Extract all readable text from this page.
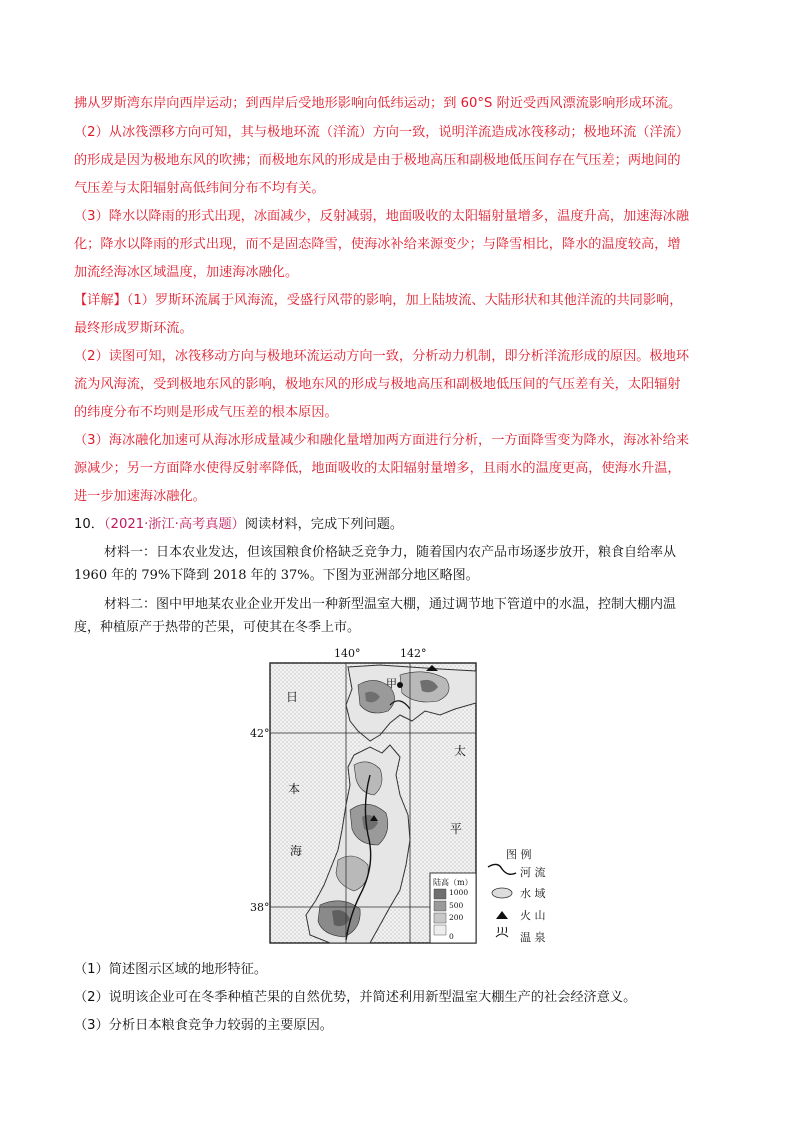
拂从罗斯湾东岸向西岸运动；到西岸后受地形影响向低纬运动；到 60°S 附近受西风漂流影响形成环流。
（2）从冰筏漂移方向可知，其与极地环流（洋流）方向一致，说明洋流造成冰筏移动；极地环流（洋流）
的形成是因为极地东风的吹拂；而极地东风的形成是由于极地高压和副极地低压间存在气压差；两地间的
气压差与太阳辐射高低纬间分布不均有关。
（3）降水以降雨的形式出现，冰面减少，反射减弱，地面吸收的太阳辐射量增多，温度升高，加速海冰融
化；降水以降雨的形式出现，而不是固态降雪，使海冰补给来源变少；与降雪相比，降水的温度较高，增
加流经海冰区域温度，加速海冰融化。
【详解】（1）罗斯环流属于风海流，受盛行风带的影响，加上陆坡流、大陆形状和其他洋流的共同影响，
最终形成罗斯环流。
（2）读图可知，冰筏移动方向与极地环流运动方向一致，分析动力机制，即分析洋流形成的原因。极地环
流为风海流，受到极地东风的影响，极地东风的形成与极地高压和副极地低压间的气压差有关，太阳辐射
的纬度分布不均则是形成气压差的根本原因。
（3）海冰融化加速可从海冰形成量减少和融化量增加两方面进行分析，一方面降雪变为降水，海冰补给来
源减少；另一方面降水使得反射率降低，地面吸收的太阳辐射量增多，且雨水的温度更高，使海水升温，
进一步加速海冰融化。
10．（2021·浙江·高考真题）阅读材料，完成下列问题。
材料一：日本农业发达，但该国粮食价格缺乏竞争力，随着国内农产品市场逐步放开，粮食自给率从
1960 年的 79%下降到 2018 年的 37%。下图为亚洲部分地区略图。
材料二：图中甲地某农业企业开发出一种新型温室大棚，通过调节地下管道中的水温，控制大棚内温
度，种植原产于热带的芒果，可使其在冬季上市。
140°	142°
42°
38°
日
本
海
太
平
甲
陆高（m）
1000
500
200
0
图 例
河 流
水 域
火 山
温 泉
（1）简述图示区域的地形特征。
（2）说明该企业可在冬季种植芒果的自然优势，并简述利用新型温室大棚生产的社会经济意义。
（3）分析日本粮食竞争力较弱的主要原因。
